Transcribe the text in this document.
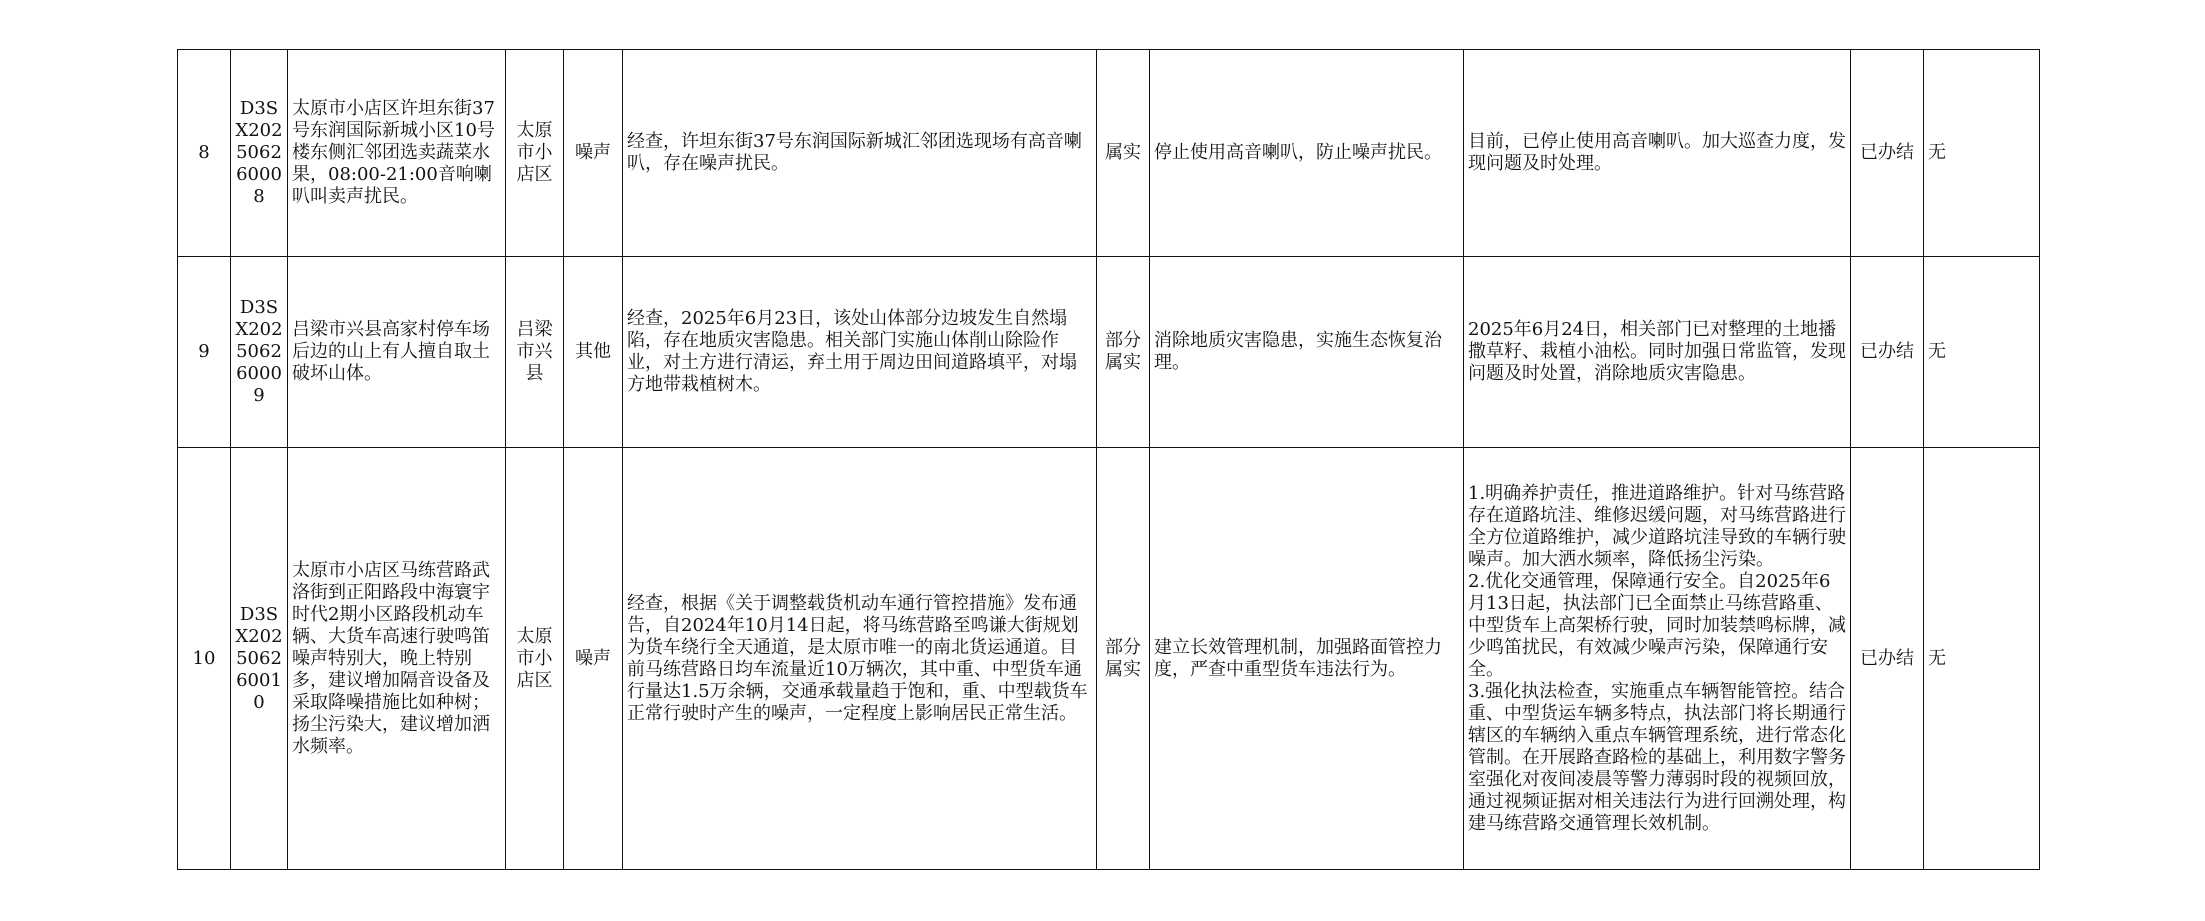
8	D3SX202506260008	太原市小店区许坦东街37号东润国际新城小区10号楼东侧汇邻团选卖蔬菜水果，08:00-21:00音响喇叭叫卖声扰民。	太原市小店区	噪声	经查，许坦东街37号东润国际新城汇邻团选现场有高音喇叭，存在噪声扰民。	属实	停止使用高音喇叭，防止噪声扰民。	目前，已停止使用高音喇叭。加大巡查力度，发现问题及时处理。	已办结	无
9	D3SX202506260009	吕梁市兴县高家村停车场后边的山上有人擅自取土破坏山体。	吕梁市兴县	其他	经查，2025年6月23日，该处山体部分边坡发生自然塌陷，存在地质灾害隐患。相关部门实施山体削山除险作业，对土方进行清运，弃土用于周边田间道路填平，对塌方地带栽植树木。	部分属实	消除地质灾害隐患，实施生态恢复治理。	2025年6月24日，相关部门已对整理的土地播撒草籽、栽植小油松。同时加强日常监管，发现问题及时处置，消除地质灾害隐患。	已办结	无
10	D3SX202506260010	太原市小店区马练营路武洛街到正阳路段中海寰宇时代2期小区路段机动车辆、大货车高速行驶鸣笛噪声特别大，晚上特别多，建议增加隔音设备及采取降噪措施比如种树；扬尘污染大，建议增加洒水频率。	太原市小店区	噪声	经查，根据《关于调整载货机动车通行管控措施》发布通告，自2024年10月14日起，将马练营路至鸣谦大街规划为货车绕行全天通道，是太原市唯一的南北货运通道。目前马练营路日均车流量近10万辆次，其中重、中型货车通行量达1.5万余辆，交通承载量趋于饱和，重、中型载货车正常行驶时产生的噪声，一定程度上影响居民正常生活。	部分属实	建立长效管理机制，加强路面管控力度，严查中重型货车违法行为。	1.明确养护责任，推进道路维护。针对马练营路存在道路坑洼、维修迟缓问题，对马练营路进行全方位道路维护，减少道路坑洼导致的车辆行驶噪声。加大洒水频率，降低扬尘污染。
2.优化交通管理，保障通行安全。自2025年6月13日起，执法部门已全面禁止马练营路重、中型货车上高架桥行驶，同时加装禁鸣标牌，减少鸣笛扰民，有效减少噪声污染，保障通行安全。
3.强化执法检查，实施重点车辆智能管控。结合重、中型货运车辆多特点，执法部门将长期通行辖区的车辆纳入重点车辆管理系统，进行常态化管制。在开展路查路检的基础上，利用数字警务室强化对夜间凌晨等警力薄弱时段的视频回放，通过视频证据对相关违法行为进行回溯处理，构建马练营路交通管理长效机制。	已办结	无
